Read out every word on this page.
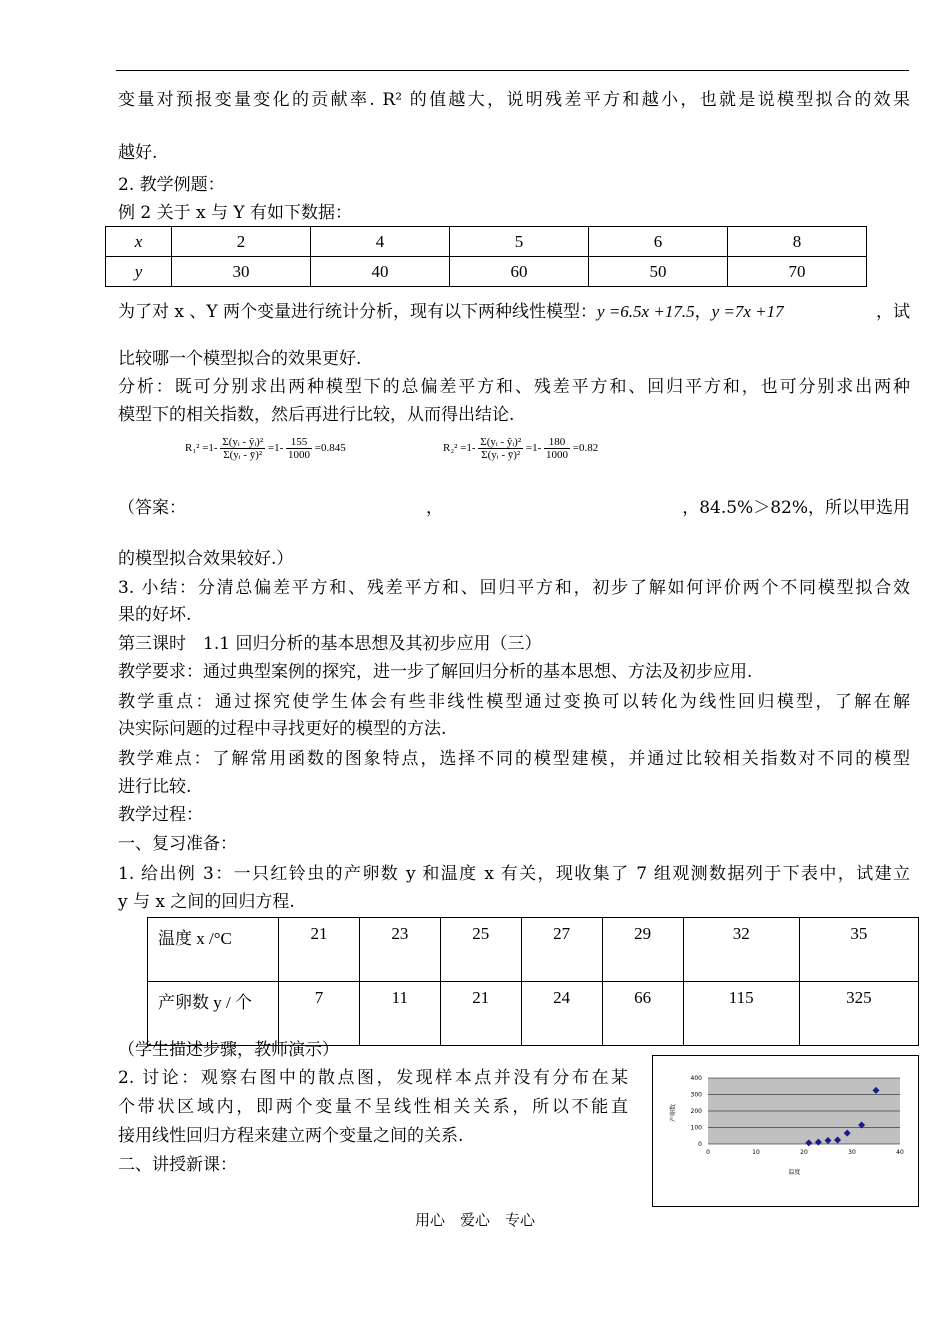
变量对预报变量变化的贡献率. R² 的值越大，说明残差平方和越小，也就是说模型拟合的效果
越好.
2. 教学例题：
例 2 关于 x 与 Y 有如下数据：
x	2	4	5	6	8
y	30	40	60	50	70
为了对 x 、Y 两个变量进行统计分析，现有以下两种线性模型：y =6.5x +17.5，y =7x +17	，试
比较哪一个模型拟合的效果更好.
分析：既可分别求出两种模型下的总偏差平方和、残差平方和、回归平方和，也可分别求出两种
模型下的相关指数，然后再进行比较，从而得出结论.
$R_1^2 =1- \frac{\text{Σ(yᵢ - ŷᵢ)²}}{\text{Σ(yᵢ - ȳ)²}} =1- \frac{155}{1000} =0.845$	$R_2^2 =1- \frac{\text{Σ(yᵢ - ŷᵢ)²}}{\text{Σ(yᵢ - ȳ)²}} =1- \frac{180}{1000} =0.82$
（答案：	，	，84.5%＞82%，所以甲选用
的模型拟合效果较好.）
3. 小结：分清总偏差平方和、残差平方和、回归平方和，初步了解如何评价两个不同模型拟合效
果的好坏.
第三课时　1.1 回归分析的基本思想及其初步应用（三）
教学要求：通过典型案例的探究，进一步了解回归分析的基本思想、方法及初步应用.
教学重点：通过探究使学生体会有些非线性模型通过变换可以转化为线性回归模型，了解在解
决实际问题的过程中寻找更好的模型的方法.
教学难点：了解常用函数的图象特点，选择不同的模型建模，并通过比较相关指数对不同的模型
进行比较.
教学过程：
一、复习准备：
1. 给出例 3：一只红铃虫的产卵数 y 和温度 x 有关，现收集了 7 组观测数据列于下表中，试建立
y 与 x 之间的回归方程.
温度 x /°C	21	23	25	27	29	32	35
产卵数 y / 个	7	11	21	24	66	115	325
（学生描述步骤，教师演示）
2. 讨论：观察右图中的散点图，发现样本点并没有分布在某
个带状区域内，即两个变量不呈线性相关关系，所以不能直
接用线性回归方程来建立两个变量之间的关系.
二、讲授新课：
0
100
200
300
400
0	10	20	30	40
产卵数
温度
用心　爱心　专心
